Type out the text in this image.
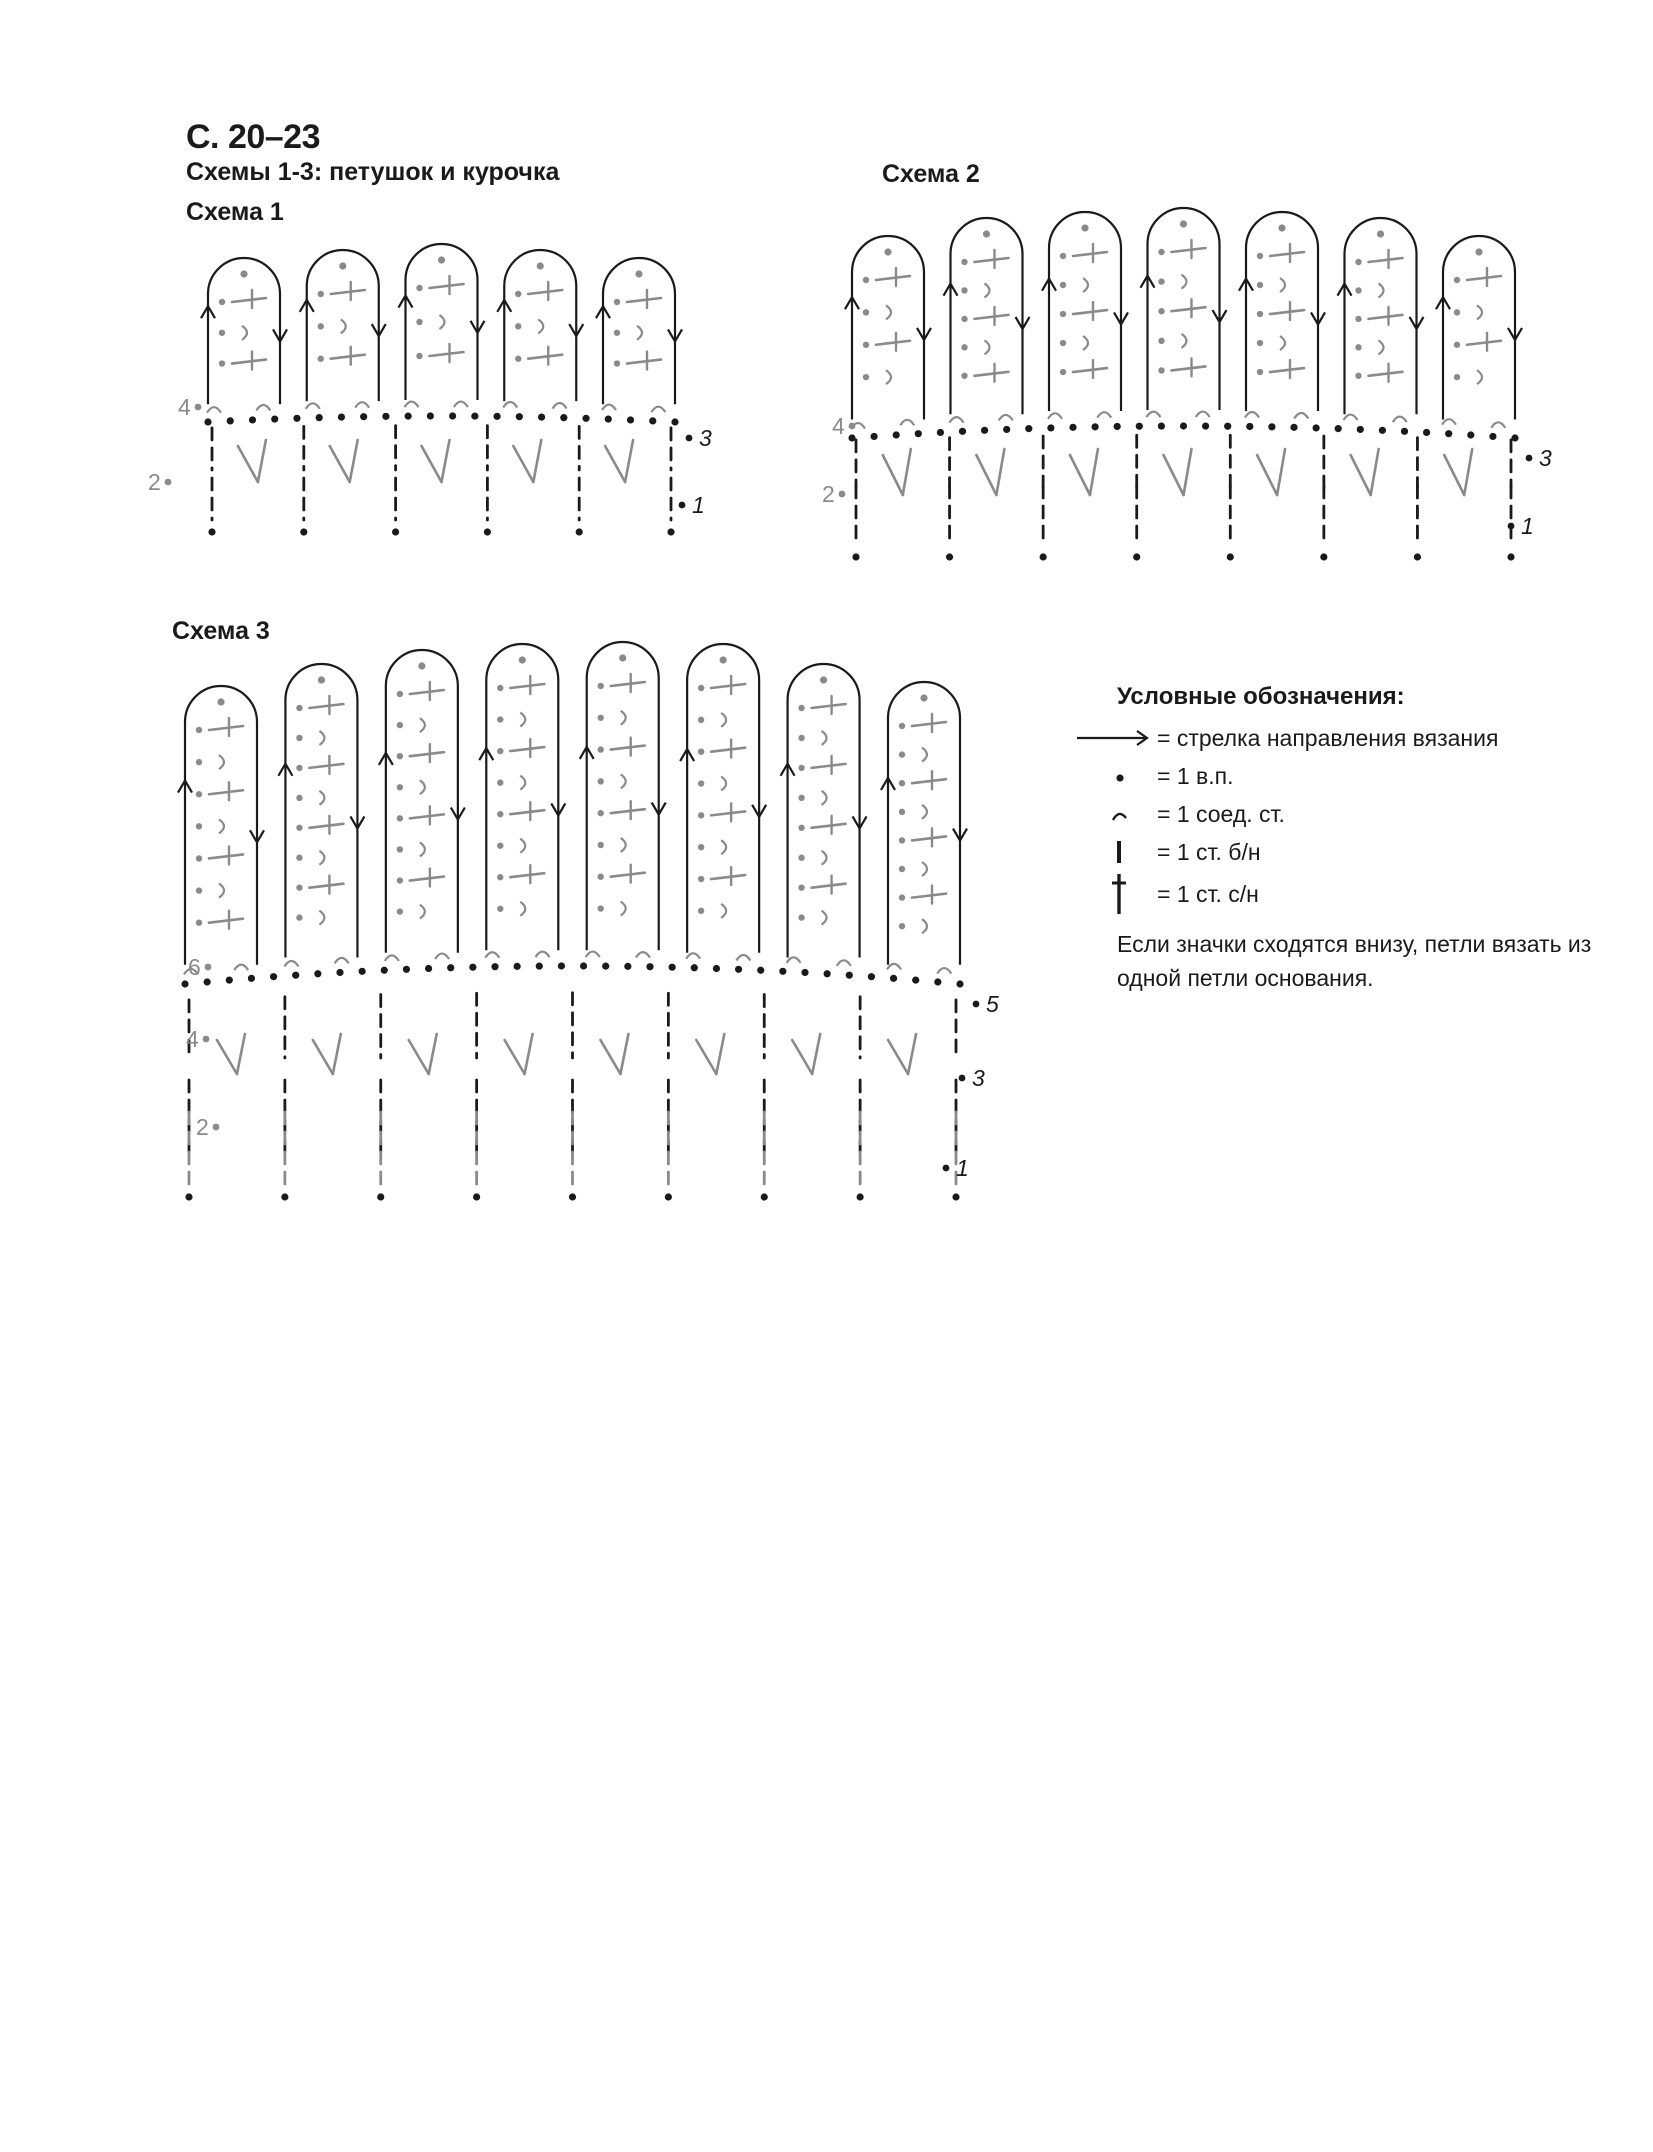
С. 20–23
Схемы 1-3: петушок и курочка
Схема 1
Схема 2
Схема 3
2
4
1
3
2
4
1
3
2
4
6
1
3
5
Условные обозначения:
= стрелка направления вязания
= 1 в.п.
= 1 соед. ст.
= 1 ст. б/н
= 1 ст. с/н
Если значки сходятся внизу, петли вязать из одной петли основания.
